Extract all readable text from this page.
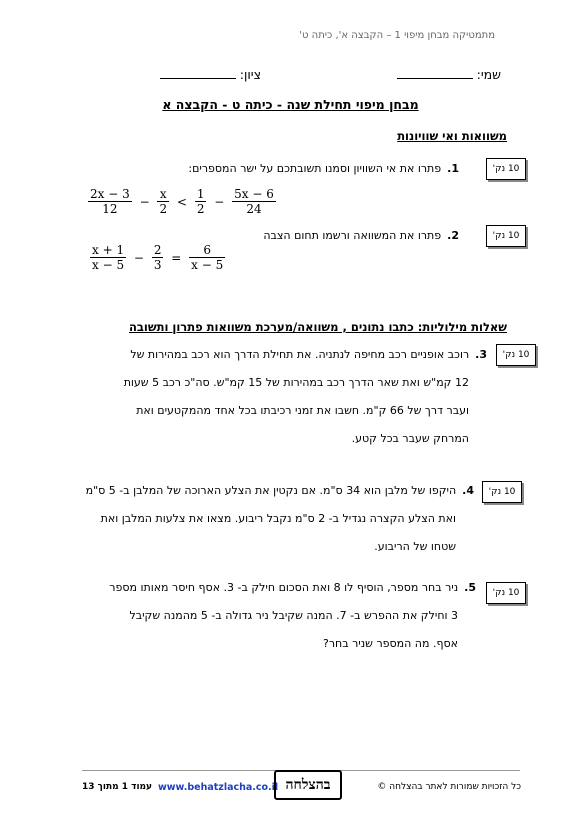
מתמטיקה מבחן מיפוי 1 – הקבצה א', כיתה ט'
שמי:
ציון:
מבחן מיפוי תחילת שנה - כיתה ט - הקבצה א
משוואות ואי שוויונות
1.פתרו את אי השוויון וסמנו תשובתכם על ישר המספרים:	10 נק'
$\frac{2x - 3}{12} - \frac{x}{2} < \frac{1}{2} - \frac{5x - 6}{24}$
2.פתרו את המשוואה ורשמו תחום הצבה	10 נק'
$\frac{x + 1}{x - 5} - \frac{2}{3} = \frac{6}{x - 5}$
שאלות מילוליות: כתבו נתונים , משוואה/מערכת משוואות פתרון ותשובה
3.רוכב אופניים רכב מחיפה לנתניה. את תחילת הדרך הוא רכב במהירות של
12 קמ"ש ואת שאר הדרך רכב במהירות של 15 קמ"ש. סה"כ רכב 5 שעות
ועבר דרך של 66 ק"מ. חשבו את זמני רכיבתו בכל אחד מהמקטעים ואת
המרחק שעבר בכל קטע.
10 נק'
4.היקפו של מלבן הוא 34 ס"מ. אם נקטין את הצלע הארוכה של המלבן ב- 5 ס"מ
ואת הצלע הקצרה נגדיל ב- 2 ס"מ נקבל ריבוע. מצאו את צלעות המלבן ואת
שטחו של הריבוע.
10 נק'
5.ניר בחר מספר, הוסיף לו 8 ואת הסכום חילק ב- 3. אסף חיסר מאותו מספר
3 וחילק את ההפרש ב- 7. המנה שקיבל ניר גדולה ב- 5 מהמנה שקיבל
אסף. מה המספר שניר בחר?
10 נק'
עמוד 1 מתוך 13 www.behatzlacha.co.il בהצלחה	כל הזכויות שמורות לאתר בהצלחה ©
